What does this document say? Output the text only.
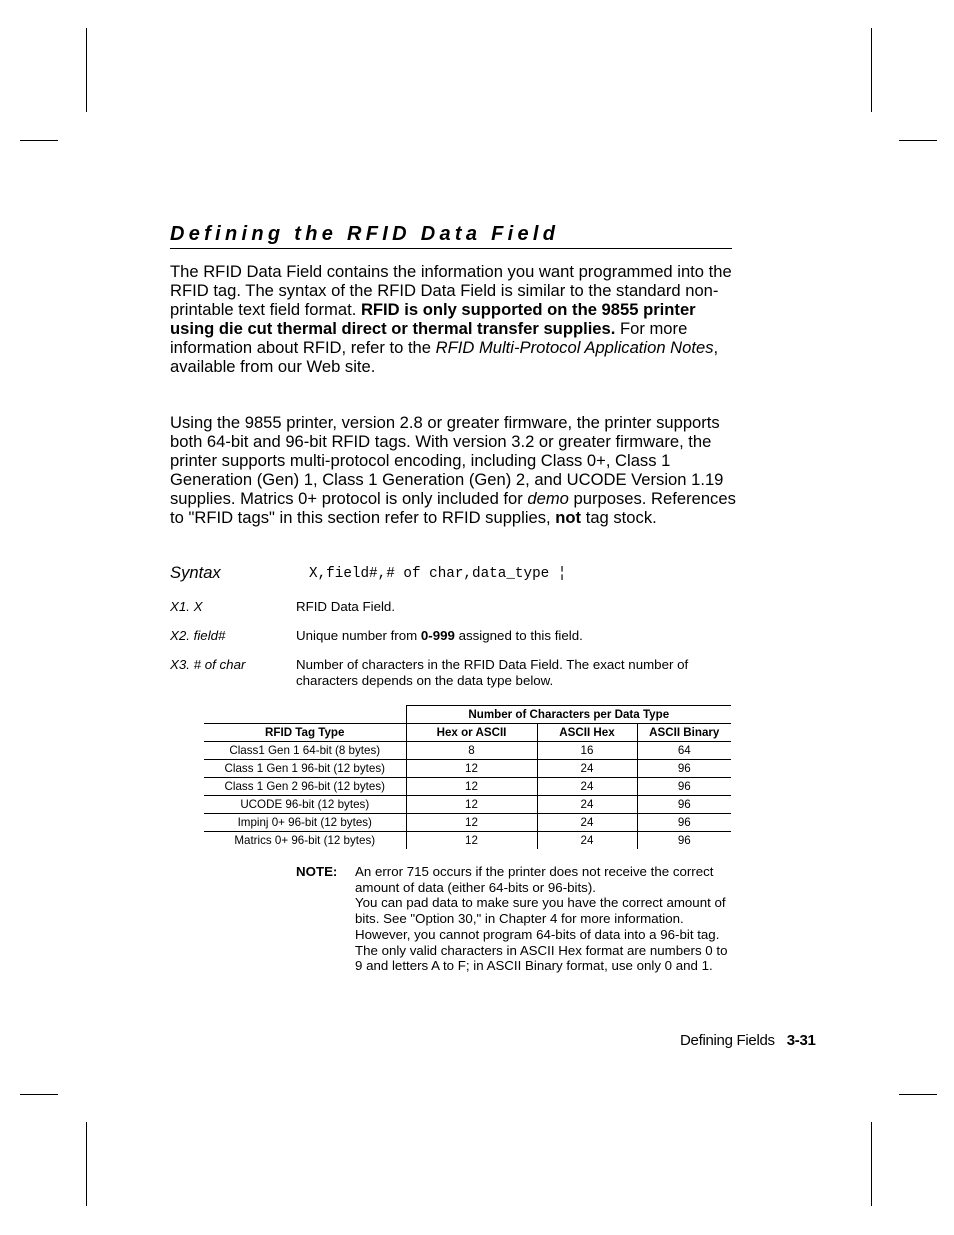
Defining the RFID Data Field

The RFID Data Field contains the information you want programmed into the RFID tag. The syntax of the RFID Data Field is similar to the standard non-printable text field format. RFID is only supported on the 9855 printer using die cut thermal direct or thermal transfer supplies. For more information about RFID, refer to the RFID Multi-Protocol Application Notes, available from our Web site.

Using the 9855 printer, version 2.8 or greater firmware, the printer supports both 64-bit and 96-bit RFID tags. With version 3.2 or greater firmware, the printer supports multi-protocol encoding, including Class 0+, Class 1 Generation (Gen) 1, Class 1 Generation (Gen) 2, and UCODE Version 1.19 supplies. Matrics 0+ protocol is only included for demo purposes. References to "RFID tags" in this section refer to RFID supplies, not tag stock.

Syntax	X,field#,# of char,data_type ¦
X1. X	RFID Data Field.
X2. field#	Unique number from 0-999 assigned to this field.
X3. # of char	Number of characters in the RFID Data Field. The exact number of characters depends on the data type below.
	Number of Characters per Data Type		
RFID Tag Type	Hex or ASCII	ASCII Hex	ASCII Binary
Class1 Gen 1 64-bit (8 bytes)	8	16	64
Class 1 Gen 1 96-bit (12 bytes)	12	24	96
Class 1 Gen 2 96-bit (12 bytes)	12	24	96
UCODE 96-bit (12 bytes)	12	24	96
Impinj 0+ 96-bit (12 bytes)	12	24	96
Matrics 0+ 96-bit (12 bytes)	12	24	96
NOTE: An error 715 occurs if the printer does not receive the correct amount of data (either 64-bits or 96-bits).

You can pad data to make sure you have the correct amount of bits. See "Option 30," in Chapter 4 for more information. However, you cannot program 64-bits of data into a 96-bit tag.

The only valid characters in ASCII Hex format are numbers 0 to 9 and letters A to F; in ASCII Binary format, use only 0 and 1.

Defining Fields 3-31
